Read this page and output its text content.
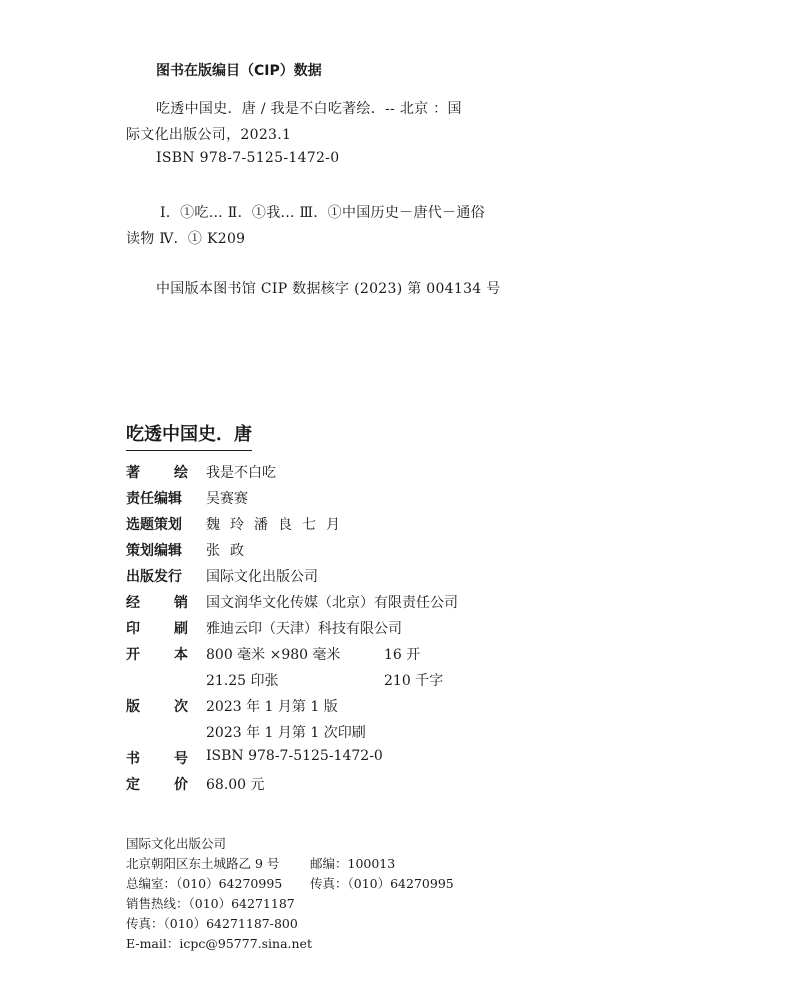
图书在版编目（CIP）数据
吃透中国史．唐 / 我是不白吃著绘．-- 北京 ：国
际文化出版公司，2023.1
ISBN 978-7-5125-1472-0
Ⅰ．①吃… Ⅱ．①我… Ⅲ．①中国历史－唐代－通俗
读物 Ⅳ．① K209
中国版本图书馆 CIP 数据核字 (2023) 第 004134 号
吃透中国史．唐
著 绘 我是不白吃
责任编辑	吴赛赛
选题策划	魏玲潘良七月
策划编辑	张政
出版发行	国际文化出版公司
经 销 国文润华文化传媒（北京）有限责任公司
印 刷 雅迪云印（天津）科技有限公司
开 本 800 毫米 ×980 毫米	16 开
21.25 印张	210 千字
版 次 2023 年 1 月第 1 版
2023 年 1 月第 1 次印刷
书 号 ISBN 978-7-5125-1472-0
定 价 68.00 元
国际文化出版公司
北京朝阳区东土城路乙 9 号 邮编：100013
总编室：（010）64270995 传真：（010）64270995
销售热线：（010）64271187
传真：（010）64271187-800
E-mail：icpc@95777.sina.net
